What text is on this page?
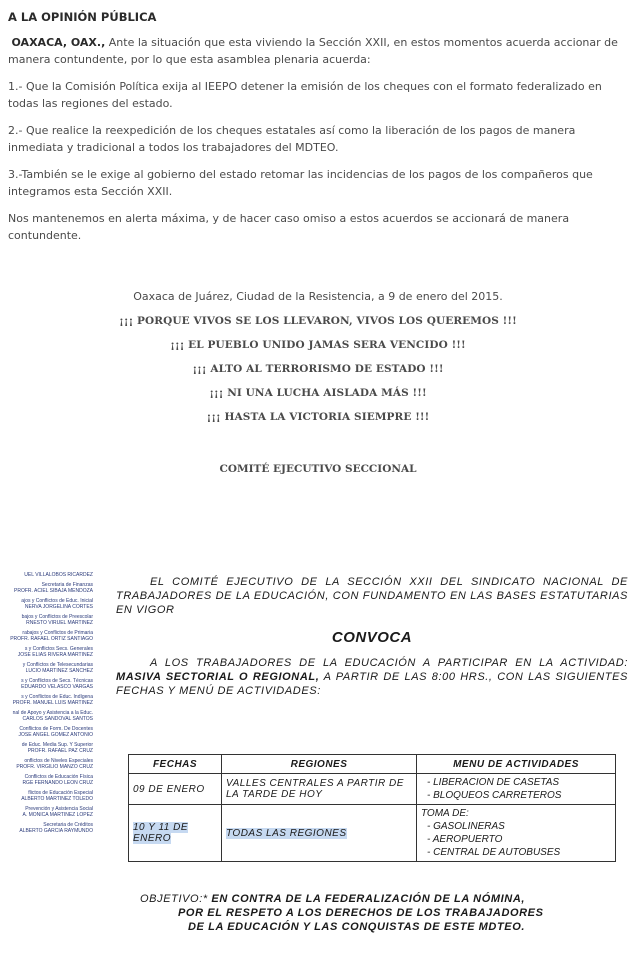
A LA OPINIÓN PÚBLICA
OAXACA, OAX., Ante la situación que esta viviendo la Sección XXII, en estos momentos acuerda accionar de manera contundente, por lo que esta asamblea plenaria acuerda:
1.- Que la Comisión Política exija al IEEPO detener la emisión de los cheques con el formato federalizado en todas las regiones del estado.
2.- Que realice la reexpedición de los cheques estatales así como la liberación de los pagos de manera inmediata y tradicional a todos los trabajadores del MDTEO.
3.-También se le exige al gobierno del estado retomar las incidencias de los pagos de los compañeros que integramos esta Sección XXII.
Nos mantenemos en alerta máxima, y de hacer caso omiso a estos acuerdos se accionará de manera contundente.
Oaxaca de Juárez, Ciudad de la Resistencia, a 9 de enero del 2015.
¡¡¡ PORQUE VIVOS SE LOS LLEVARON, VIVOS LOS QUEREMOS !!!
¡¡¡ EL PUEBLO UNIDO JAMAS SERA VENCIDO !!!
¡¡¡ ALTO AL TERRORISMO DE ESTADO !!!
¡¡¡ NI UNA LUCHA AISLADA MÁS !!!
¡¡¡ HASTA LA VICTORIA SIEMPRE !!!
COMITÉ EJECUTIVO SECCIONAL
UEL VILLALOBOS RICARDEZ
Secretaria de Finanzas
PROFR. ACIEL SIBAJA MENDOZA
ajos y Conflictos de Educ. Inicial
NERVA JORGELINA CORTES
bajos y Conflictos de Preescolar
RNESTO VIRUEL MARTINEZ
rabajos y Conflictos de Primaria
PROFR. RAFAEL ORTIZ SANTIAGO
s y Conflictos Secs. Generales
JOSE ELIAS RIVERA MARTINEZ
y Conflictos de Telesecundarias
LUCIO MARTINEZ SANCHEZ
s y Conflictos de Secs. Técnicas
EDUARDO VELASCO VARGAS
s y Conflictos de Educ. Indígena
PROFR. MANUEL LUIS MARTINEZ
nal de Apoyo y Asistencia a la Educ.
CARLOS SANDOVAL SANTOS
Conflictos de Form. De Docentes
JOSE ANGEL GOMEZ ANTONIO
de Educ. Media Sup. Y Superior
PROFR. RAFAEL PAZ CRUZ
onflictos de Niveles Especiales
PROFR. VIRGILIO MANZO CRUZ
Conflictos de Educación Física
RGE FERNANDO LEON CRUZ
flictos de Educación Especial
ALBERTO MARTINEZ TOLEDO
Prevención y Asistencia Social
A. MONICA MARTINEZ LOPEZ
Secretaria de Créditos
ALBERTO GARCIA RAYMUNDO
EL COMITÉ EJECUTIVO DE LA SECCIÓN XXII DEL SINDICATO NACIONAL DE TRABAJADORES DE LA EDUCACIÓN, CON FUNDAMENTO EN LAS BASES ESTATUTARIAS EN VIGOR
CONVOCA
A LOS TRABAJADORES DE LA EDUCACIÓN A PARTICIPAR EN LA ACTIVIDAD: MASIVA SECTORIAL O REGIONAL, A PARTIR DE LAS 8:00 HRS., CON LAS SIGUIENTES FECHAS Y MENÚ DE ACTIVIDADES:
FECHAS	REGIONES	MENU DE ACTIVIDADES
09 DE ENERO	VALLES CENTRALES A PARTIR DE LA TARDE DE HOY	- LIBERACION DE CASETAS
- BLOQUEOS CARRETEROS

10 Y 11 DE ENERO	TODAS LAS REGIONES	TOMA DE:
- GASOLINERAS
- AEROPUERTO
- CENTRAL DE AUTOBUSES
OBJETIVO:* EN CONTRA DE LA FEDERALIZACIÓN DE LA NÓMINA,
POR EL RESPETO A LOS DERECHOS DE LOS TRABAJADORES
DE LA EDUCACIÓN Y LAS CONQUISTAS DE ESTE MDTEO.
